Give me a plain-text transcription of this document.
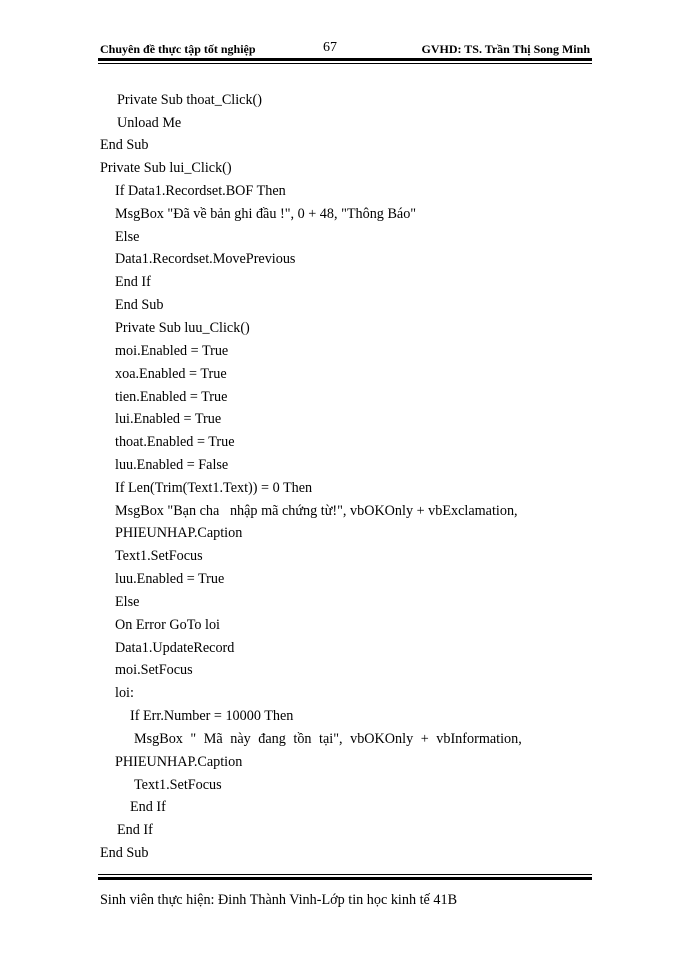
Chuyên đề thực tập tốt nghiệp	67	GVHD: TS. Trần Thị Song Minh
Private Sub thoat_Click()
Unload Me
End Sub
Private Sub lui_Click()
If Data1.Recordset.BOF Then
MsgBox "Đã về bản ghi đầu !", 0 + 48, "Thông Báo"
Else
Data1.Recordset.MovePrevious
End If
End Sub
Private Sub luu_Click()
moi.Enabled = True
xoa.Enabled = True
tien.Enabled = True
lui.Enabled = True
thoat.Enabled = True
luu.Enabled = False
If Len(Trim(Text1.Text)) = 0 Then
MsgBox "Bạn cha   nhập mã chứng từ!", vbOKOnly + vbExclamation,
PHIEUNHAP.Caption
Text1.SetFocus
luu.Enabled = True
Else
On Error GoTo loi
Data1.UpdateRecord
moi.SetFocus
loi:
If Err.Number = 10000 Then
MsgBox " Mã này đang tồn tại", vbOKOnly + vbInformation,
PHIEUNHAP.Caption
Text1.SetFocus
End If
End If
End Sub
Sinh viên thực hiện: Đinh Thành Vinh-Lớp tin học kinh tế 41B
